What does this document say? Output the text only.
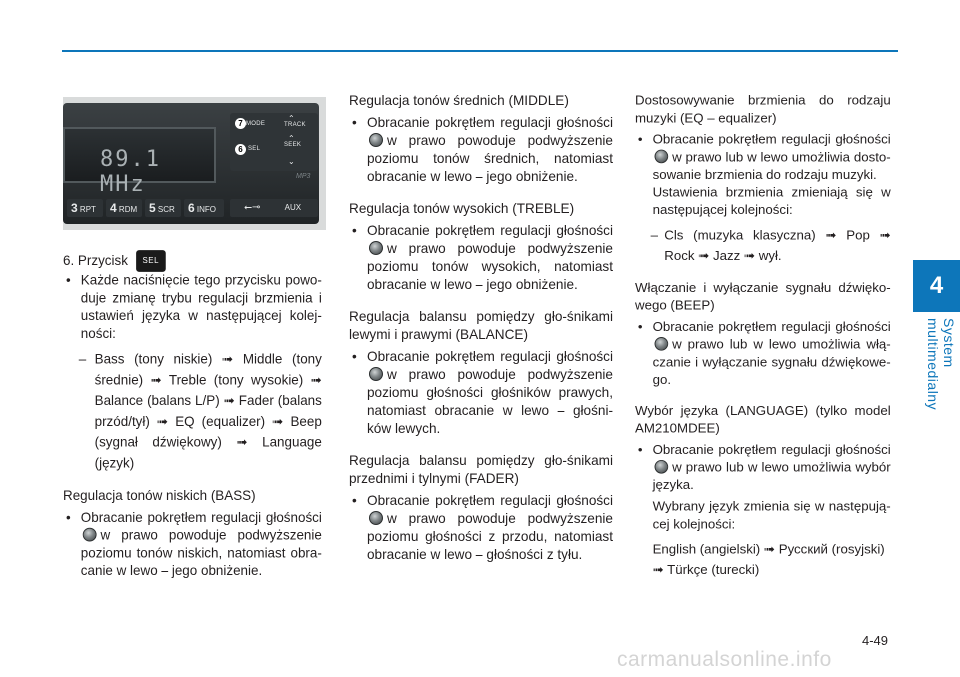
4
System multimedialny
89.1 MHz
MODE	TRACK
SEL
SEEK
⌃
⌃
⌄
7
6
MP3
3 RPT	4 RDM 5 SCR	6 INFO	⭠⊸	AUX

6. Przycisk SEL

• Każde naciśnięcie tego przycisku powo-duje zmianę trybu regulacji brzmienia i ustawień języka w następującej kolej-ności:
– Bass (tony niskie) ➟ Middle (tony średnie) ➟ Treble (tony wysokie) ➟ Balance (balans L/P) ➟ Fader (balans przód/tył) ➟ EQ (equalizer) ➟ Beep (sygnał dźwiękowy) ➟ Language (język)

Regulacja tonów niskich (BASS)

• Obracanie pokrętłem regulacji głośności w prawo powoduje podwyższenie poziomu tonów niskich, natomiast obra-canie w lewo ⎯ jego obniżenie.

Regulacja tonów średnich (MIDDLE)

• Obracanie pokrętłem regulacji głośności w prawo powoduje podwyższenie poziomu tonów średnich, natomiast obracanie w lewo ⎯ jego obniżenie.

Regulacja tonów wysokich (TREBLE)

• Obracanie pokrętłem regulacji głośności w prawo powoduje podwyższenie poziomu tonów wysokich, natomiast obracanie w lewo ⎯ jego obniżenie.

Regulacja balansu pomiędzy gło-śnikami lewymi i prawymi (BALANCE)

• Obracanie pokrętłem regulacji głośności w prawo powoduje podwyższenie poziomu głośności głośników prawych, natomiast obracanie w lewo ⎯ głośni-ków lewych.

Regulacja balansu pomiędzy gło-śnikami przednimi i tylnymi (FADER)

• Obracanie pokrętłem regulacji głośności w prawo powoduje podwyższenie poziomu głośności z przodu, natomiast obracanie w lewo ⎯ głośności z tyłu.

Dostosowywanie brzmienia do rodzaju muzyki (EQ – equalizer)

• Obracanie pokrętłem regulacji głośności w prawo lub w lewo umożliwia dosto-sowanie brzmienia do rodzaju muzyki.

Ustawienia brzmienia zmieniają się w następującej kolejności:

– Cls (muzyka klasyczna) ➟ Pop ➟ Rock ➟ Jazz ➟ wył.

Włączanie i wyłączanie sygnału dźwięko-wego (BEEP)

• Obracanie pokrętłem regulacji głośności w prawo lub w lewo umożliwia włą-czanie i wyłączanie sygnału dźwiękowe-go.

Wybór języka (LANGUAGE) (tylko model AM210MDEE)

• Obracanie pokrętłem regulacji głośności w prawo lub w lewo umożliwia wybór języka.

Wybrany język zmienia się w następują-cej kolejności:

English (angielski) ➟ Русский (rosyjski)

➟ Türkçe (turecki)

4-49
carmanualsonline.info
